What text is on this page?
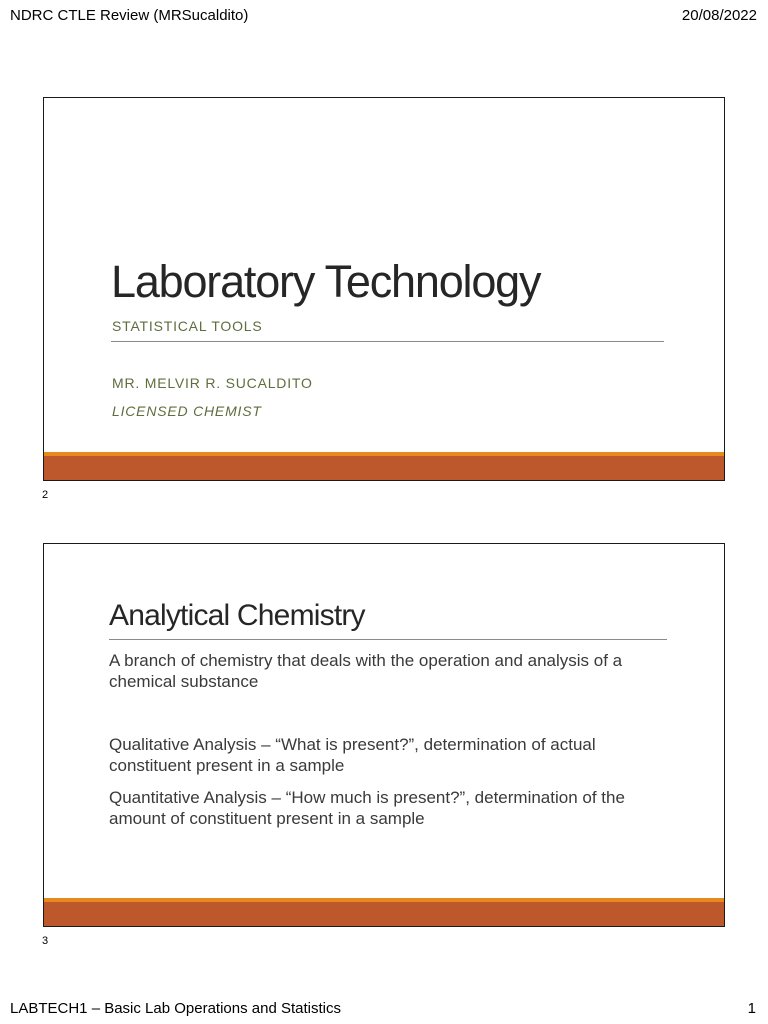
NDRC CTLE Review (MRSucaldito)	20/08/2022
Laboratory Technology
STATISTICAL TOOLS
MR. MELVIR R. SUCALDITO
LICENSED CHEMIST
2
Analytical Chemistry
A branch of chemistry that deals with the operation and analysis of a chemical substance
Qualitative Analysis – “What is present?”, determination of actual constituent present in a sample
Quantitative Analysis – “How much is present?”, determination of the amount of constituent present in a sample
3
LABTECH1 – Basic Lab Operations and Statistics	1
